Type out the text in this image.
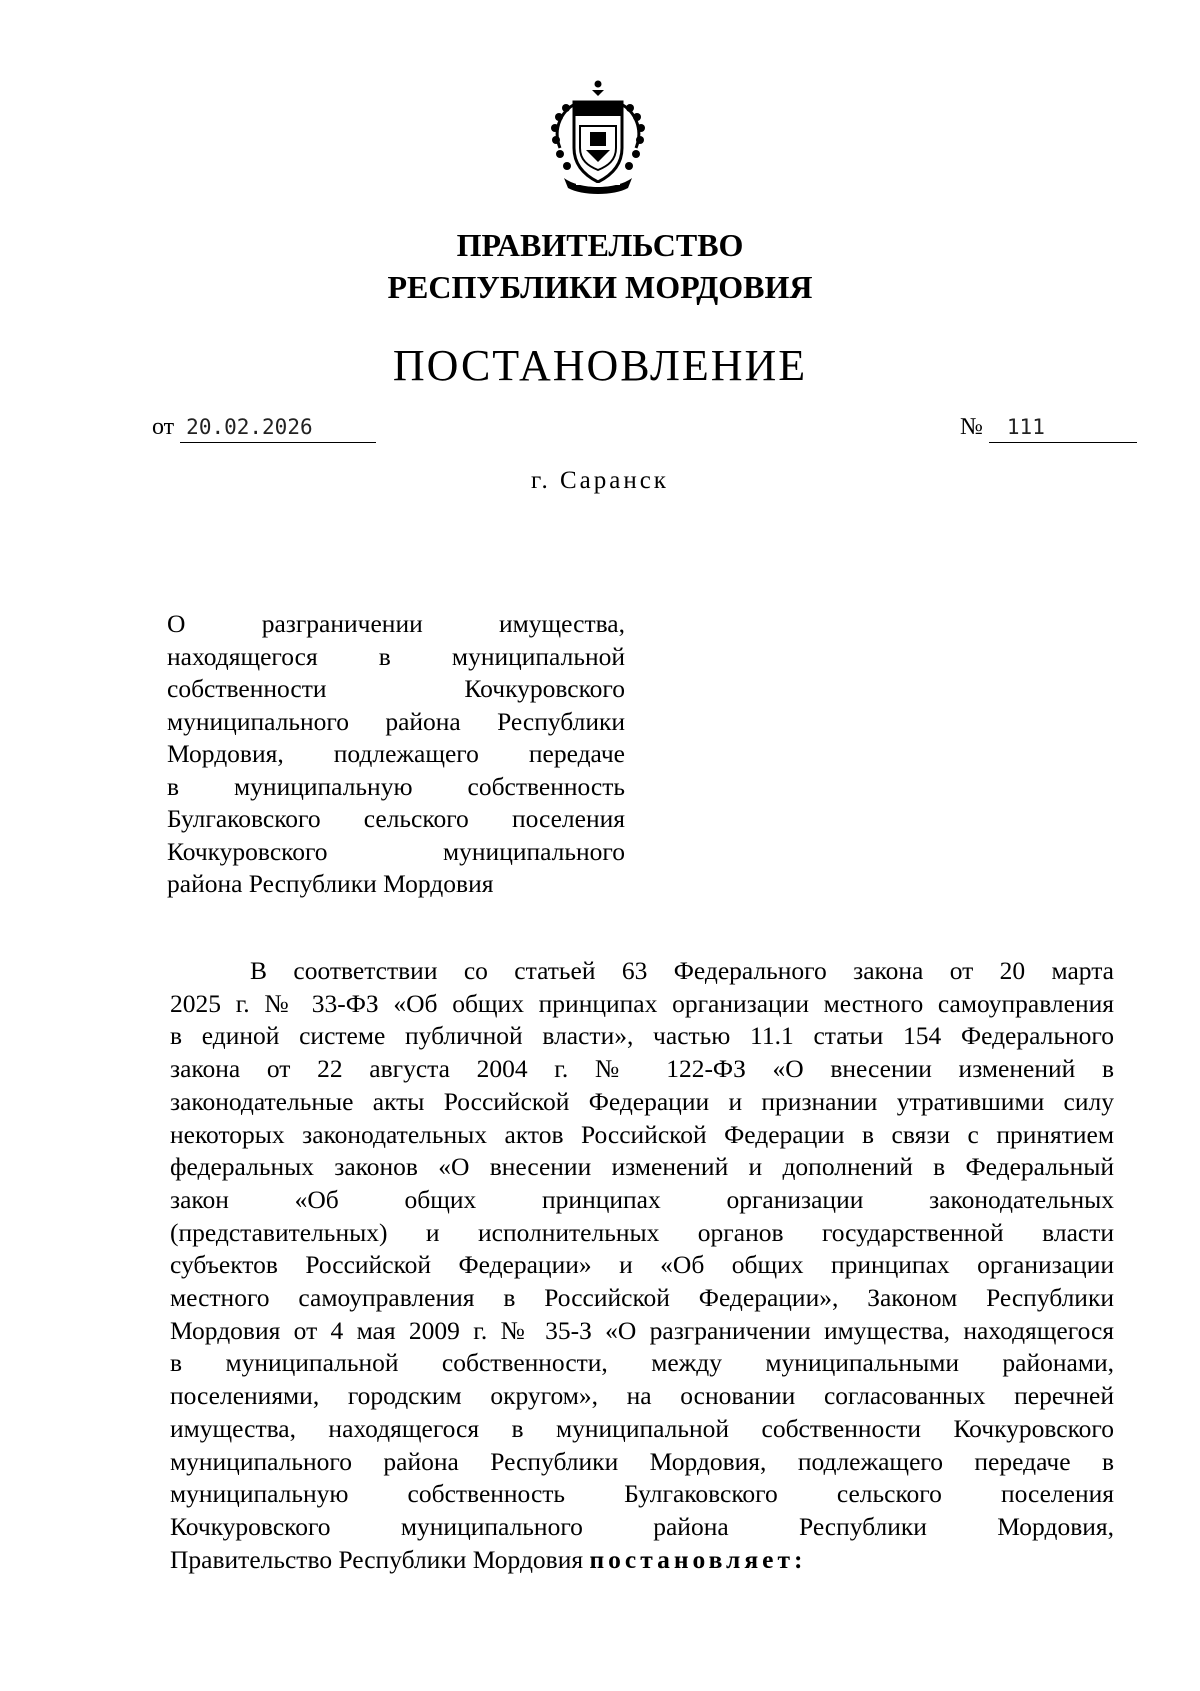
ПРАВИТЕЛЬСТВО
РЕСПУБЛИКИ МОРДОВИЯ
ПОСТАНОВЛЕНИЕ
от 20.02.2026	№ 111
г. Саранск
О разграничении имущества,
находящегося в муниципальной
собственности Кочкуровского
муниципального района Республики
Мордовия, подлежащего передаче
в муниципальную собственность
Булгаковского сельского поселения
Кочкуровского муниципального
района Республики Мордовия
В соответствии со статьей 63 Федерального закона от 20 марта
2025 г. № 33-ФЗ «Об общих принципах организации местного самоуправления
в единой системе публичной власти», частью 11.1 статьи 154 Федерального
закона от 22 августа 2004 г. № 122-ФЗ «О внесении изменений в
законодательные акты Российской Федерации и признании утратившими силу
некоторых законодательных актов Российской Федерации в связи с принятием
федеральных законов «О внесении изменений и дополнений в Федеральный
закон «Об общих принципах организации законодательных
(представительных) и исполнительных органов государственной власти
субъектов Российской Федерации» и «Об общих принципах организации
местного самоуправления в Российской Федерации», Законом Республики
Мордовия от 4 мая 2009 г. № 35-З «О разграничении имущества, находящегося
в муниципальной собственности, между муниципальными районами,
поселениями, городским округом», на основании согласованных перечней
имущества, находящегося в муниципальной собственности Кочкуровского
муниципального района Республики Мордовия, подлежащего передаче в
муниципальную собственность Булгаковского сельского поселения
Кочкуровского муниципального района Республики Мордовия,
Правительство Республики Мордовия постановляет:
